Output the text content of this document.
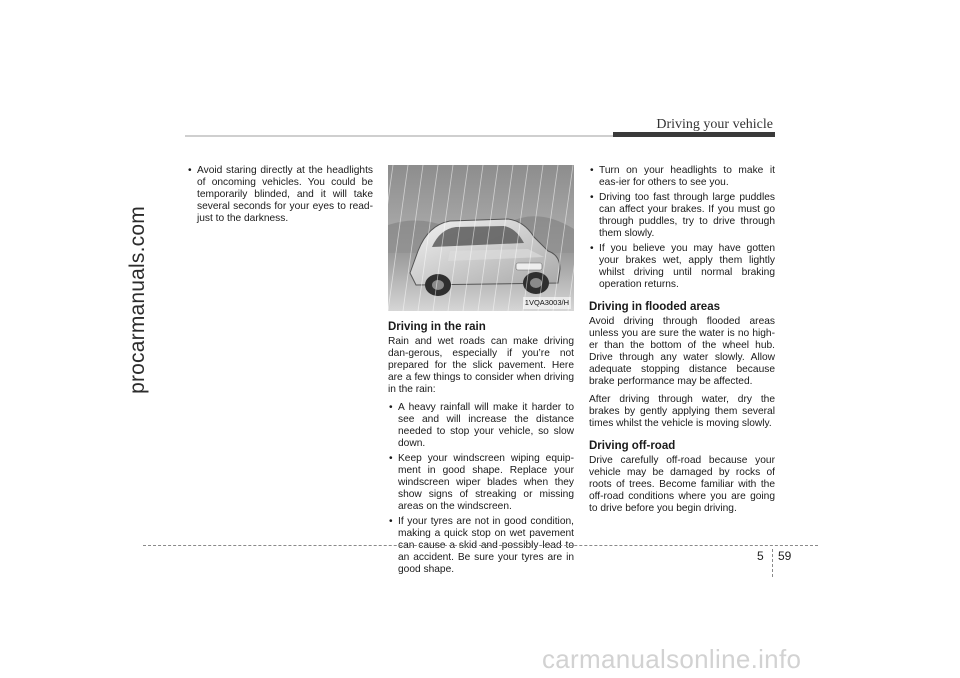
procarmanuals.com
Driving your vehicle
• Avoid staring directly at the headlights of oncoming vehicles. You could be temporarily blinded, and it will take several seconds for your eyes to read-just to the darkness.
1VQA3003/H
Driving in the rain

Rain and wet roads can make driving dan-gerous, especially if you’re not prepared for the slick pavement. Here are a few things to consider when driving in the rain:

• A heavy rainfall will make it harder to see and will increase the distance needed to stop your vehicle, so slow down.
• Keep your windscreen wiping equip-ment in good shape. Replace your windscreen wiper blades when they show signs of streaking or missing areas on the windscreen.
• If your tyres are not in good condition, making a quick stop on wet pavement can cause a skid and possibly lead to an accident. Be sure your tyres are in good shape.
• Turn on your headlights to make it eas-ier for others to see you.
• Driving too fast through large puddles can affect your brakes. If you must go through puddles, try to drive through them slowly.
• If you believe you may have gotten your brakes wet, apply them lightly whilst driving until normal braking operation returns.
Driving in flooded areas

Avoid driving through flooded areas unless you are sure the water is no high-er than the bottom of the wheel hub. Drive through any water slowly. Allow adequate stopping distance because brake performance may be affected.

After driving through water, dry the brakes by gently applying them several times whilst the vehicle is moving slowly.

Driving off-road

Drive carefully off-road because your vehicle may be damaged by rocks of roots of trees. Become familiar with the off-road conditions where you are going to drive before you begin driving.

5 59
carmanualsonline.info
